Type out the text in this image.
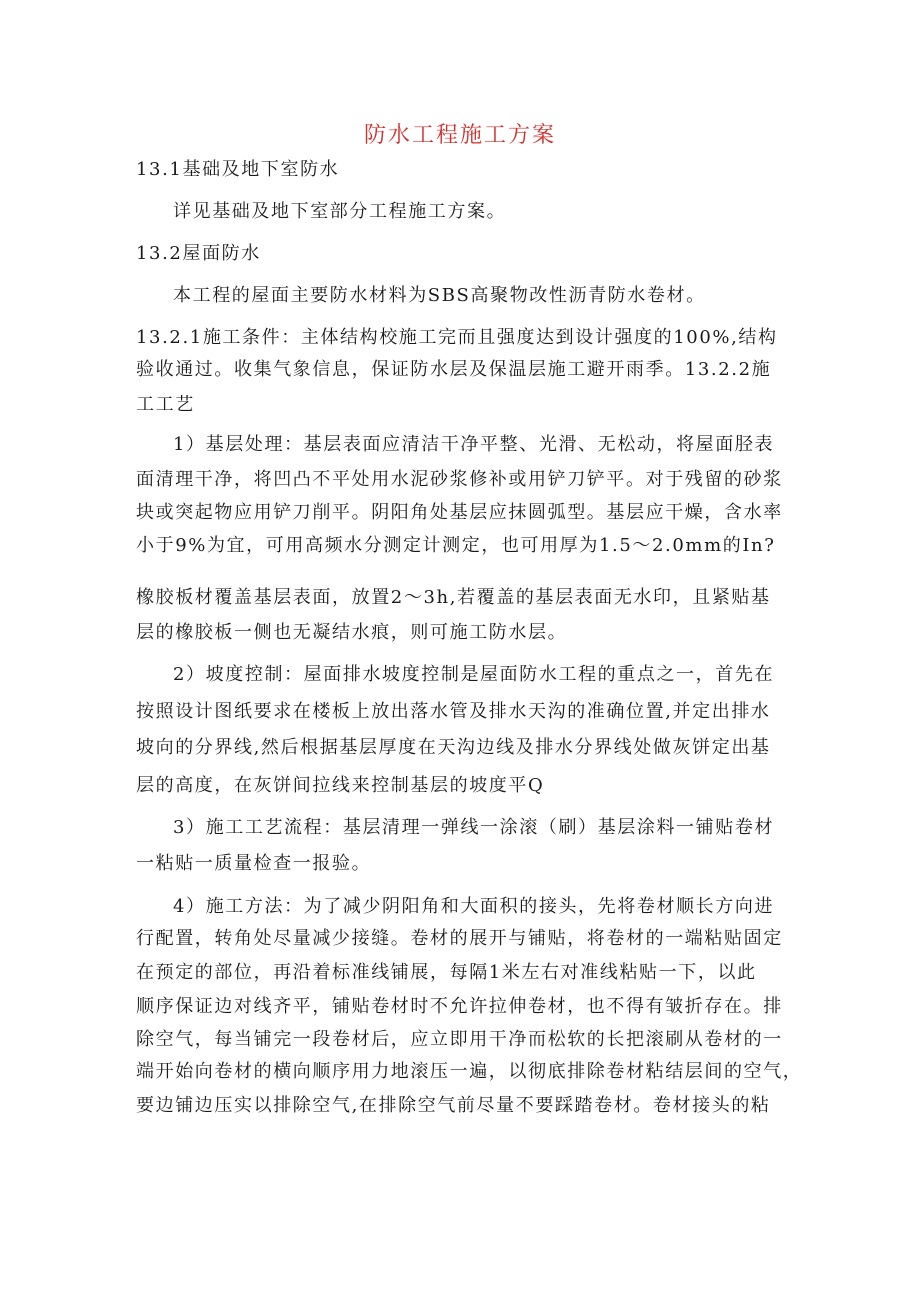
防水工程施工方案
13.1基础及地下室防水
详见基础及地下室部分工程施工方案。
13.2屋面防水
本工程的屋面主要防水材料为SBS高聚物改性沥青防水卷材。
13.2.1施工条件：主体结构校施工完而且强度达到设计强度的100%,结构
验收通过。收集气象信息，保证防水层及保温层施工避开雨季。13.2.2施
工工艺
1）基层处理：基层表面应清洁干净平整、光滑、无松动，将屋面胫表
面清理干净，将凹凸不平处用水泥砂浆修补或用铲刀铲平。对于残留的砂浆
块或突起物应用铲刀削平。阴阳角处基层应抹圆弧型。基层应干燥，含水率
小于9%为宜，可用高频水分测定计测定，也可用厚为1.5～2.0mm的In?
橡胶板材覆盖基层表面，放置2～3h,若覆盖的基层表面无水印，且紧贴基
层的橡胶板一侧也无凝结水痕，则可施工防水层。
2）坡度控制：屋面排水坡度控制是屋面防水工程的重点之一，首先在
按照设计图纸要求在楼板上放出落水管及排水天沟的准确位置,并定出排水
坡向的分界线,然后根据基层厚度在天沟边线及排水分界线处做灰饼定出基
层的高度，在灰饼间拉线来控制基层的坡度平Q
3）施工工艺流程：基层清理一弹线一涂滚（刷）基层涂料一铺贴卷材
一粘贴一质量检查一报验。
4）施工方法：为了减少阴阳角和大面积的接头，先将卷材顺长方向进
行配置，转角处尽量减少接缝。卷材的展开与铺贴，将卷材的一端粘贴固定
在预定的部位，再沿着标准线铺展，每隔1米左右对准线粘贴一下，以此
顺序保证边对线齐平，铺贴卷材时不允许拉伸卷材，也不得有皱折存在。排
除空气，每当铺完一段卷材后，应立即用干净而松软的长把滚刷从卷材的一
端开始向卷材的横向顺序用力地滚压一遍，以彻底排除卷材粘结层间的空气，
要边铺边压实以排除空气,在排除空气前尽量不要踩踏卷材。卷材接头的粘
